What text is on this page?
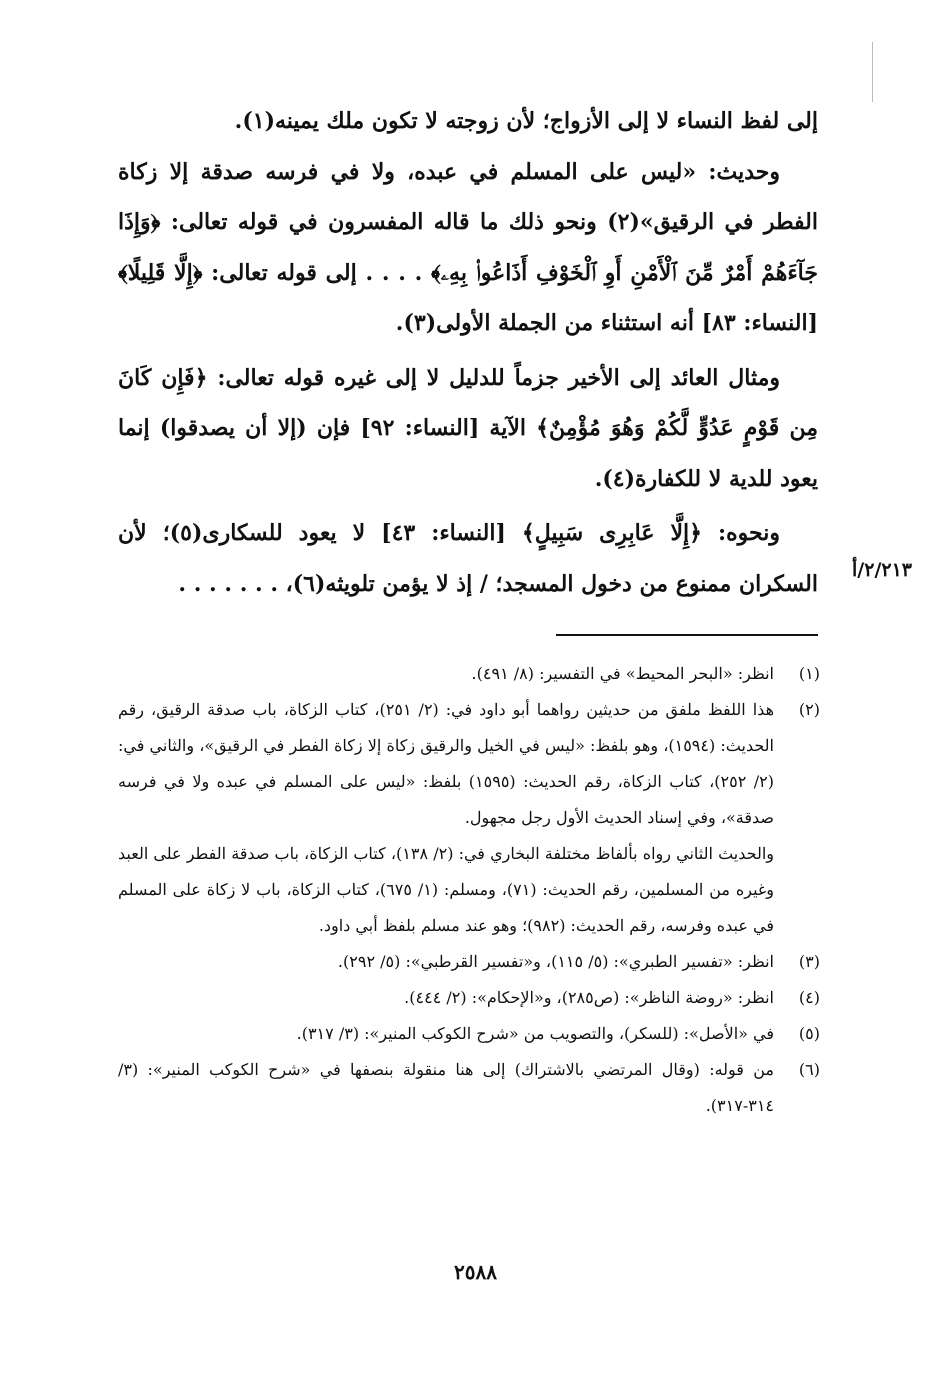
إلى لفظ النساء لا إلى الأزواج؛ لأن زوجته لا تكون ملك يمينه(١).

وحديث: «ليس على المسلم في عبده، ولا في فرسه صدقة إلا زكاة الفطر في الرقيق»(٢) ونحو ذلك ما قاله المفسرون في قوله تعالى: ﴿وَإِذَا جَآءَهُمْ أَمْرٌ مِّنَ ٱلْأَمْنِ أَوِ ٱلْخَوْفِ أَذَاعُوا۟ بِهِۦ﴾ . . . . إلى قوله تعالى: ﴿إِلَّا قَلِيلًا﴾ [النساء: ٨٣] أنه استثناء من الجملة الأولى(٣).

ومثال العائد إلى الأخير جزماً للدليل لا إلى غيره قوله تعالى: ﴿فَإِن كَانَ مِن قَوْمٍ عَدُوٍّ لَّكُمْ وَهُوَ مُؤْمِنٌ﴾ الآية [النساء: ٩٢] فإن (إلا أن يصدقوا) إنما يعود للدية لا للكفارة(٤).

ونحوه: ﴿إِلَّا عَابِرِى سَبِيلٍ﴾ [النساء: ٤٣] لا يعود للسكارى(٥)؛ لأن السكران ممنوع من دخول المسجد؛ / إذ لا يؤمن تلويثه(٦)، . . . . . . .

٢/٢١٣/أ
(١)
انظر: «البحر المحيط» في التفسير: (٨/ ٤٩١).
(٢)
هذا اللفظ ملفق من حديثين رواهما أبو داود في: (٢/ ٢٥١)، كتاب الزكاة، باب صدقة الرقيق، رقم الحديث: (١٥٩٤)، وهو بلفظ: «ليس في الخيل والرقيق زكاة إلا زكاة الفطر في الرقيق»، والثاني في: (٢/ ٢٥٢)، كتاب الزكاة، رقم الحديث: (١٥٩٥) بلفظ: «ليس على المسلم في عبده ولا في فرسه صدقة»، وفي إسناد الحديث الأول رجل مجهول.
والحديث الثاني رواه بألفاظ مختلفة البخاري في: (٢/ ١٣٨)، كتاب الزكاة، باب صدقة الفطر على العبد وغيره من المسلمين، رقم الحديث: (٧١)، ومسلم: (١/ ٦٧٥)، كتاب الزكاة، باب لا زكاة على المسلم في عبده وفرسه، رقم الحديث: (٩٨٢)؛ وهو عند مسلم بلفظ أبي داود.
(٣)
انظر: «تفسير الطبري»: (٥/ ١١٥)، و«تفسير القرطبي»: (٥/ ٢٩٢).
(٤)
انظر: «روضة الناظر»: (ص٢٨٥)، و«الإحكام»: (٢/ ٤٤٤).
(٥)
في «الأصل»: (للسكر)، والتصويب من «شرح الكوكب المنير»: (٣/ ٣١٧).
(٦)
من قوله: (وقال المرتضي بالاشتراك) إلى هنا منقولة بنصفها في «شرح الكوكب المنير»: (٣/ ٣١٤-٣١٧).
٢٥٨٨
